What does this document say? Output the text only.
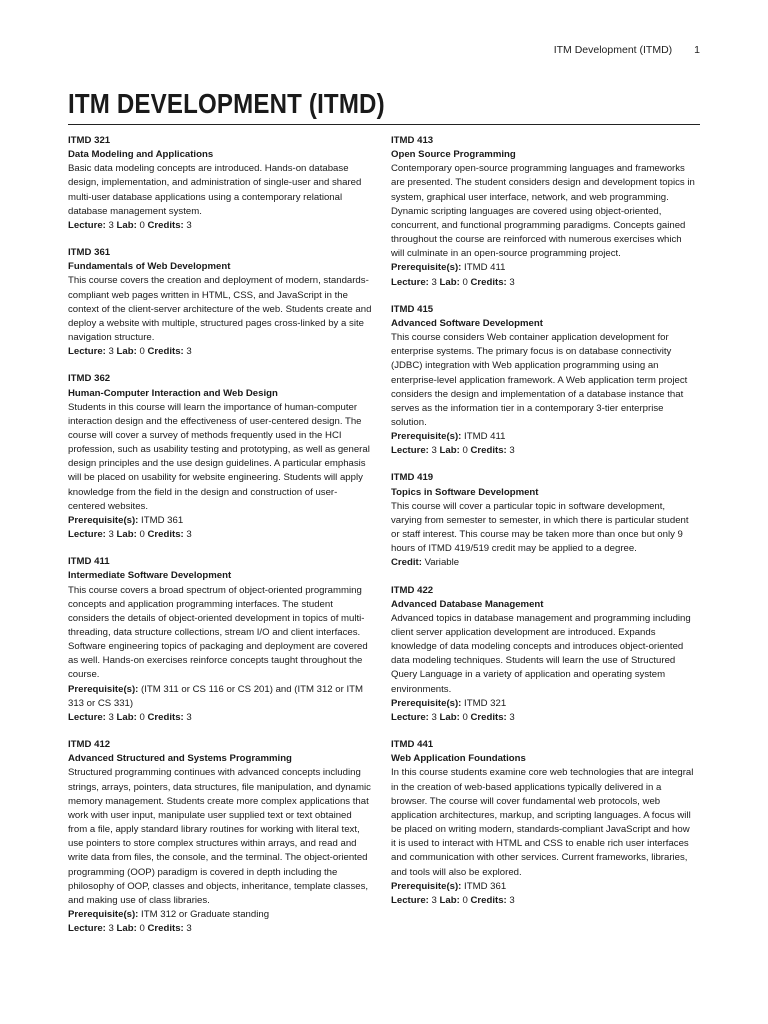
ITM Development (ITMD) 1
ITM DEVELOPMENT (ITMD)
ITMD 321
Data Modeling and Applications
Basic data modeling concepts are introduced. Hands-on database design, implementation, and administration of single-user and shared multi-user database applications using a contemporary relational database management system.
Lecture: 3 Lab: 0 Credits: 3
ITMD 361
Fundamentals of Web Development
This course covers the creation and deployment of modern, standards-compliant web pages written in HTML, CSS, and JavaScript in the context of the client-server architecture of the web. Students create and deploy a website with multiple, structured pages cross-linked by a site navigation structure.
Lecture: 3 Lab: 0 Credits: 3
ITMD 362
Human-Computer Interaction and Web Design
Students in this course will learn the importance of human-computer interaction design and the effectiveness of user-centered design. The course will cover a survey of methods frequently used in the HCI profession, such as usability testing and prototyping, as well as general design principles and the use design guidelines. A particular emphasis will be placed on usability for website engineering. Students will apply knowledge from the field in the design and construction of user-centered websites.
Prerequisite(s): ITMD 361
Lecture: 3 Lab: 0 Credits: 3
ITMD 411
Intermediate Software Development
This course covers a broad spectrum of object-oriented programming concepts and application programming interfaces. The student considers the details of object-oriented development in topics of multi-threading, data structure collections, stream I/O and client interfaces. Software engineering topics of packaging and deployment are covered as well. Hands-on exercises reinforce concepts taught throughout the course.
Prerequisite(s): (ITM 311 or CS 116 or CS 201) and (ITM 312 or ITM 313 or CS 331)
Lecture: 3 Lab: 0 Credits: 3
ITMD 412
Advanced Structured and Systems Programming
Structured programming continues with advanced concepts including strings, arrays, pointers, data structures, file manipulation, and dynamic memory management. Students create more complex applications that work with user input, manipulate user supplied text or text obtained from a file, apply standard library routines for working with literal text, use pointers to store complex structures within arrays, and read and write data from files, the console, and the terminal. The object-oriented programming (OOP) paradigm is covered in depth including the philosophy of OOP, classes and objects, inheritance, template classes, and making use of class libraries.
Prerequisite(s): ITM 312 or Graduate standing
Lecture: 3 Lab: 0 Credits: 3
ITMD 413
Open Source Programming
Contemporary open-source programming languages and frameworks are presented. The student considers design and development topics in system, graphical user interface, network, and web programming. Dynamic scripting languages are covered using object-oriented, concurrent, and functional programming paradigms. Concepts gained throughout the course are reinforced with numerous exercises which will culminate in an open-source programming project.
Prerequisite(s): ITMD 411
Lecture: 3 Lab: 0 Credits: 3
ITMD 415
Advanced Software Development
This course considers Web container application development for enterprise systems. The primary focus is on database connectivity (JDBC) integration with Web application programming using an enterprise-level application framework. A Web application term project considers the design and implementation of a database instance that serves as the information tier in a contemporary 3-tier enterprise solution.
Prerequisite(s): ITMD 411
Lecture: 3 Lab: 0 Credits: 3
ITMD 419
Topics in Software Development
This course will cover a particular topic in software development, varying from semester to semester, in which there is particular student or staff interest. This course may be taken more than once but only 9 hours of ITMD 419/519 credit may be applied to a degree.
Credit: Variable
ITMD 422
Advanced Database Management
Advanced topics in database management and programming including client server application development are introduced. Expands knowledge of data modeling concepts and introduces object-oriented data modeling techniques. Students will learn the use of Structured Query Language in a variety of application and operating system environments.
Prerequisite(s): ITMD 321
Lecture: 3 Lab: 0 Credits: 3
ITMD 441
Web Application Foundations
In this course students examine core web technologies that are integral in the creation of web-based applications typically delivered in a browser. The course will cover fundamental web protocols, web application architectures, markup, and scripting languages. A focus will be placed on writing modern, standards-compliant JavaScript and how it is used to interact with HTML and CSS to enable rich user interfaces and communication with other services. Current frameworks, libraries, and tools will also be explored.
Prerequisite(s): ITMD 361
Lecture: 3 Lab: 0 Credits: 3
